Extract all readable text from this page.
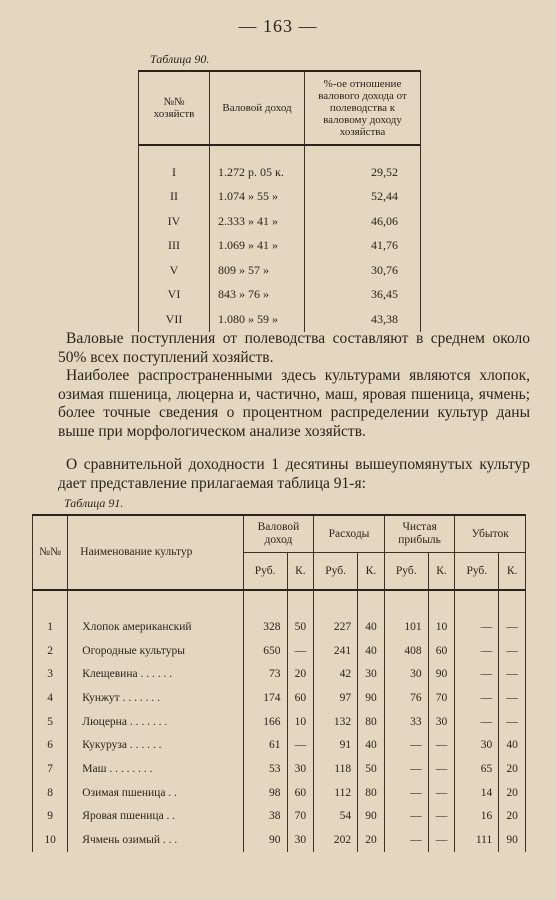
— 163 —
Таблица 90.
№№ хозяйств	Валовой доход	%-ое отношение валового дохода от полеводства к валовому доходу хозяйства
I	1.272 р. 05 к.	29,52
II	1.074 » 55 »	52,44
IV	2.333 » 41 »	46,06
III	1.069 » 41 »	41,76
V	809 » 57 »	30,76
VI	843 » 76 »	36,45
VII	1.080 » 59 »	43,38

Валовые поступления от полеводства составляют в среднем около 50% всех поступлений хозяйств.

Наиболее распространенными здесь культурами являются хлопок, озимая пшеница, люцерна и, частично, маш, яровая пшеница, ячмень; более точные сведения о процентном распределении культур даны выше при морфологическом анализе хозяйств.

О сравнительной доходности 1 десятины вышеупомянутых культур дает представление прилагаемая таблица 91-я:

Таблица 91.
№№	Наименование культур	Валовой доход		Расходы		Чистая прибыль		Убыток	
		Руб.	К.	Руб.	К.	Руб.	К.	Руб.	К.
1	Хлопок американский	328	50	227	40	101	10	—	—
2	Огородные культуры	650	—	241	40	408	60	—	—
3	Клещевина . . . . . .	73	20	42	30	30	90	—	—
4	Кунжут . . . . . . .	174	60	97	90	76	70	—	—
5	Люцерна . . . . . . .	166	10	132	80	33	30	—	—
6	Кукуруза . . . . . .	61	—	91	40	—	—	30	40
7	Маш . . . . . . . .	53	30	118	50	—	—	65	20
8	Озимая пшеница . .	98	60	112	80	—	—	14	20
9	Яровая пшеница . .	38	70	54	90	—	—	16	20
10	Ячмень озимый . . .	90	30	202	20	—	—	111	90
